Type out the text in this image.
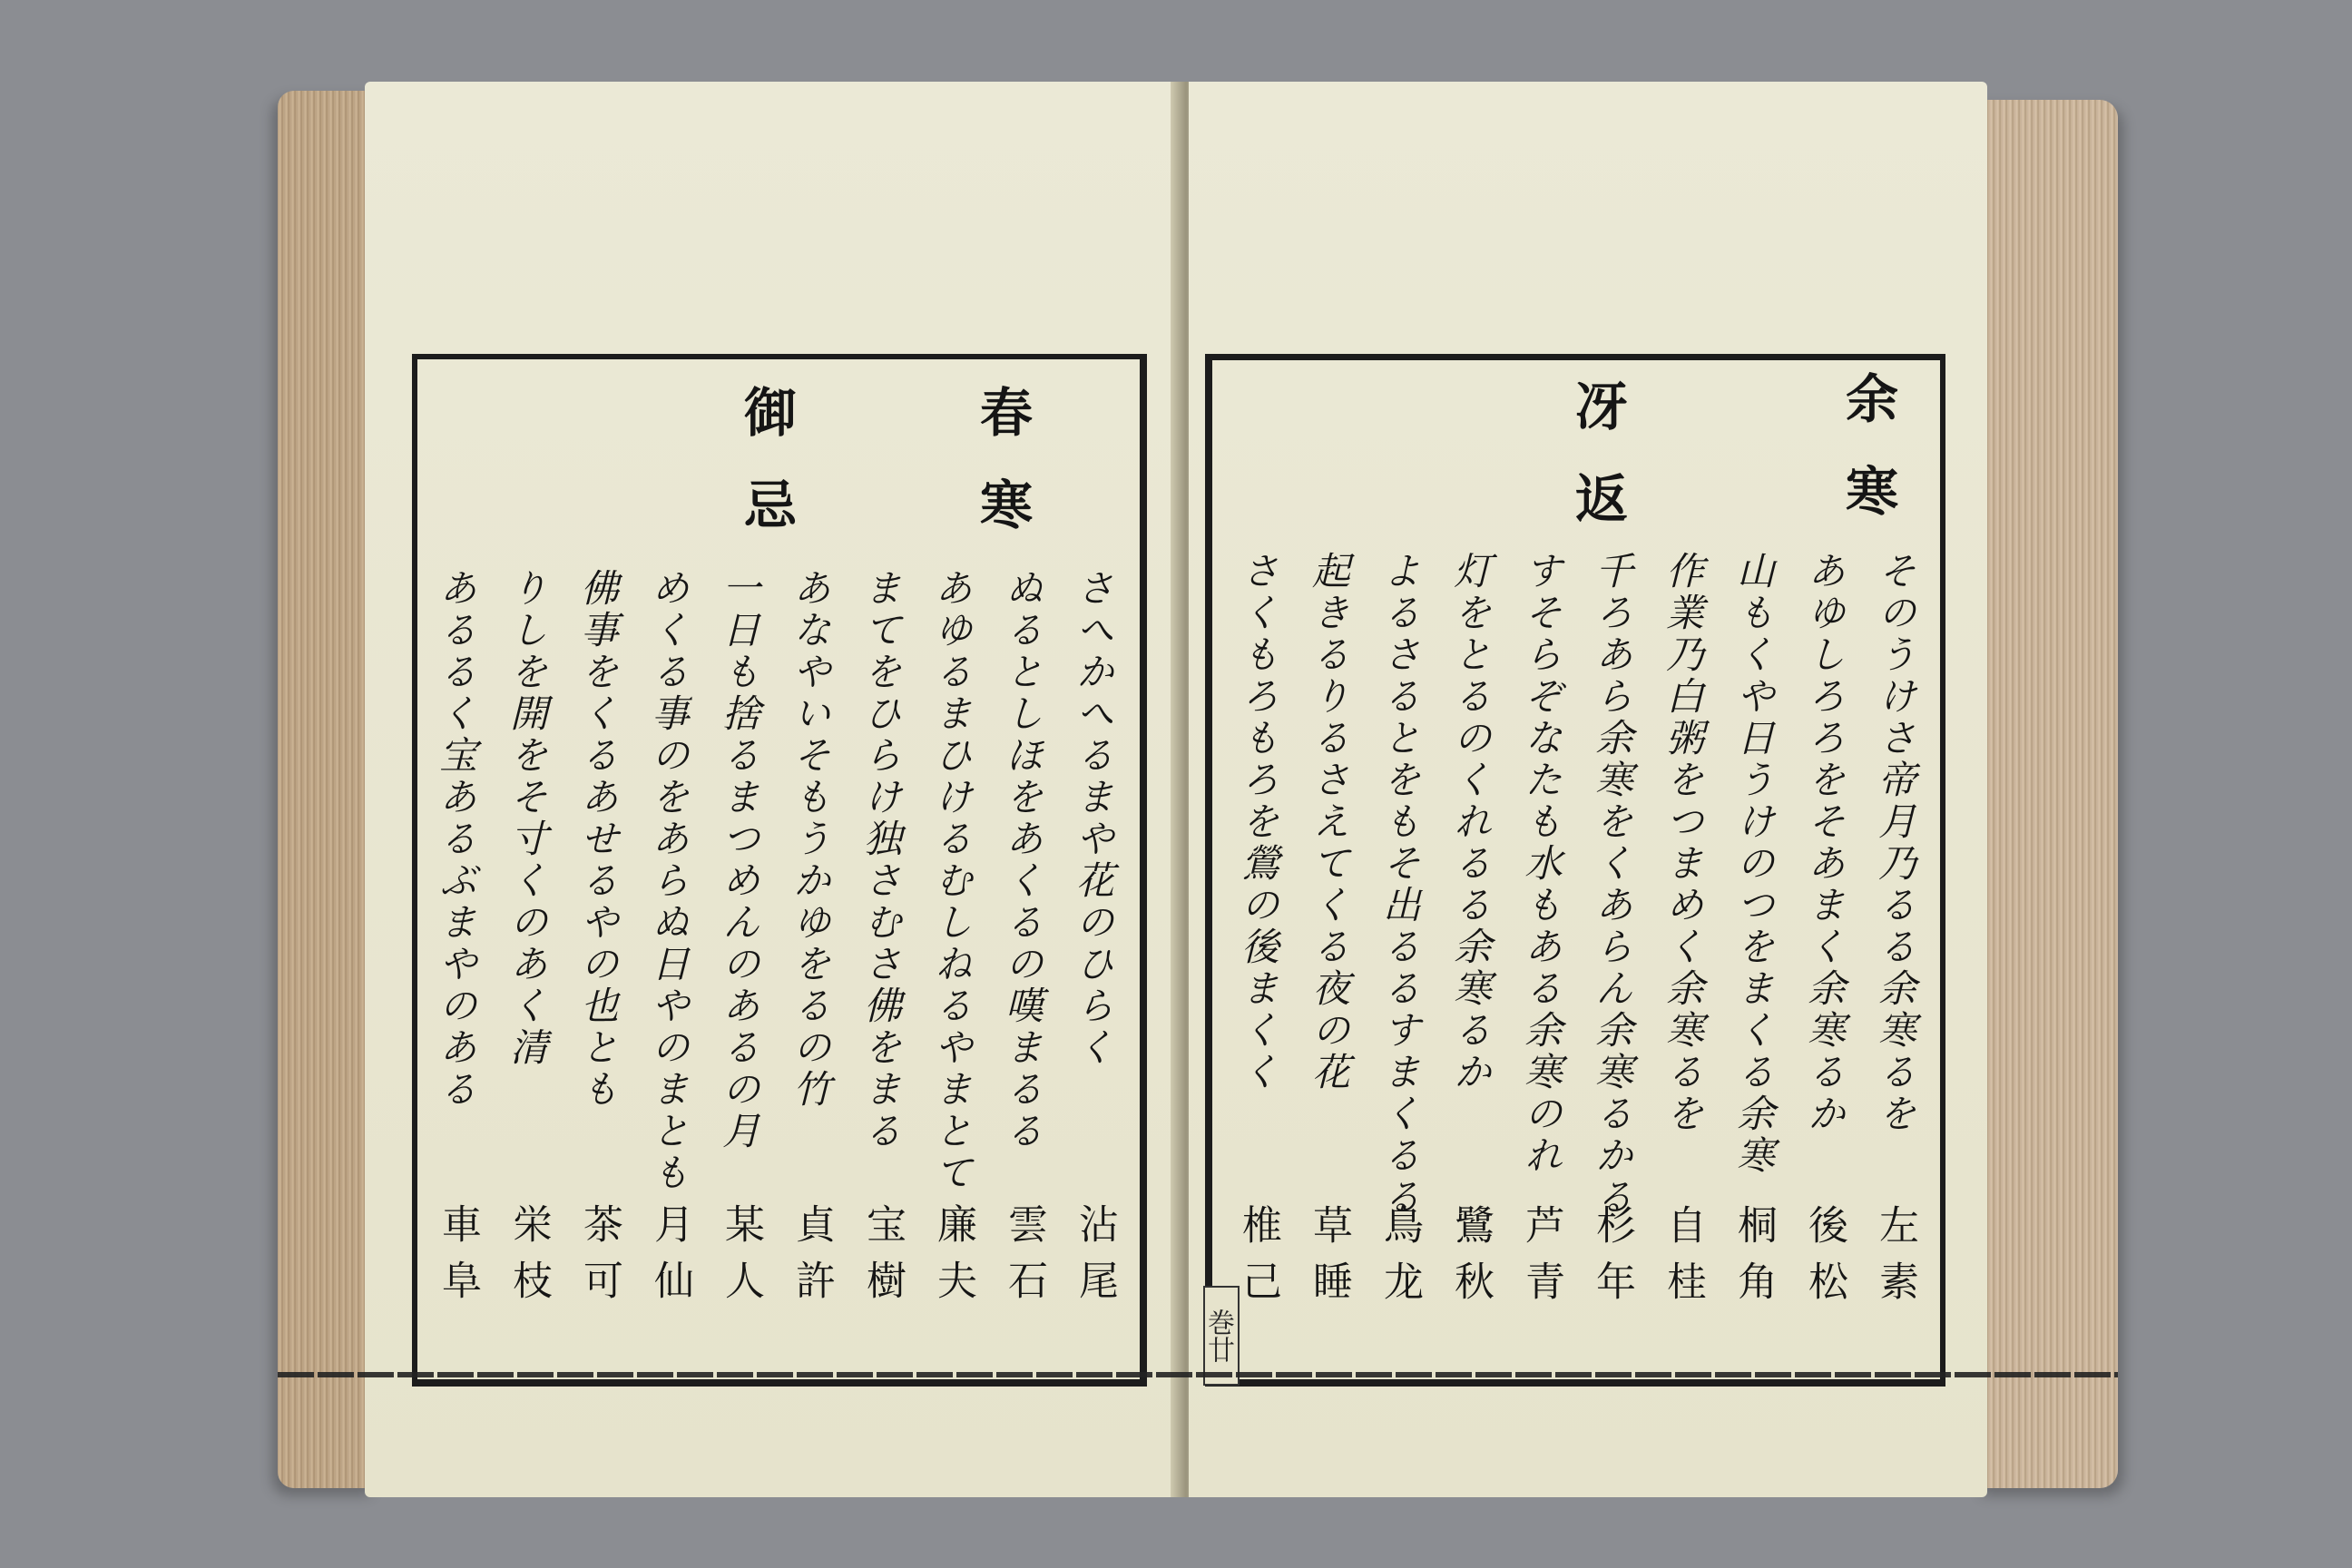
春寒
御忌
さへかへるまや花のひらく
ぬるとしほをあくるの嘆まるる
あゆるまひけるむしねるやまとて
まてをひらけ独さむさ佛をまる
あなやいそもうかゆをるの竹
一日も捨るまつめんのあるの月
めくる事のをあらぬ日やのまとも
佛事をくるあせるやの也とも
りしを開をそ寸くのあく清
あるるく宝あるぶまやのある
沾尾
雲石
廉夫
宝樹
貞許
某人
月仙
茶可
栄枝
車阜
巻廿
余寒
冴返
そのうけさ帝月乃るる余寒るを
あゆしろろをそあまく余寒るか
山もくや日うけのつをまくる余寒
作業乃白粥をつまめく余寒るを
千ろあら余寒をくあらん余寒るかる
すそらぞなたも水もある余寒のれ
灯をとるのくれるる余寒るか
よるさるとをもそ出るるすまくるる
起きるりるさえてくる夜の花
さくもろもろを鶯の後まくく
左素
後松
桐角
自桂
杉年
芦青
鷺秋
鳥龙
草睡
椎己
